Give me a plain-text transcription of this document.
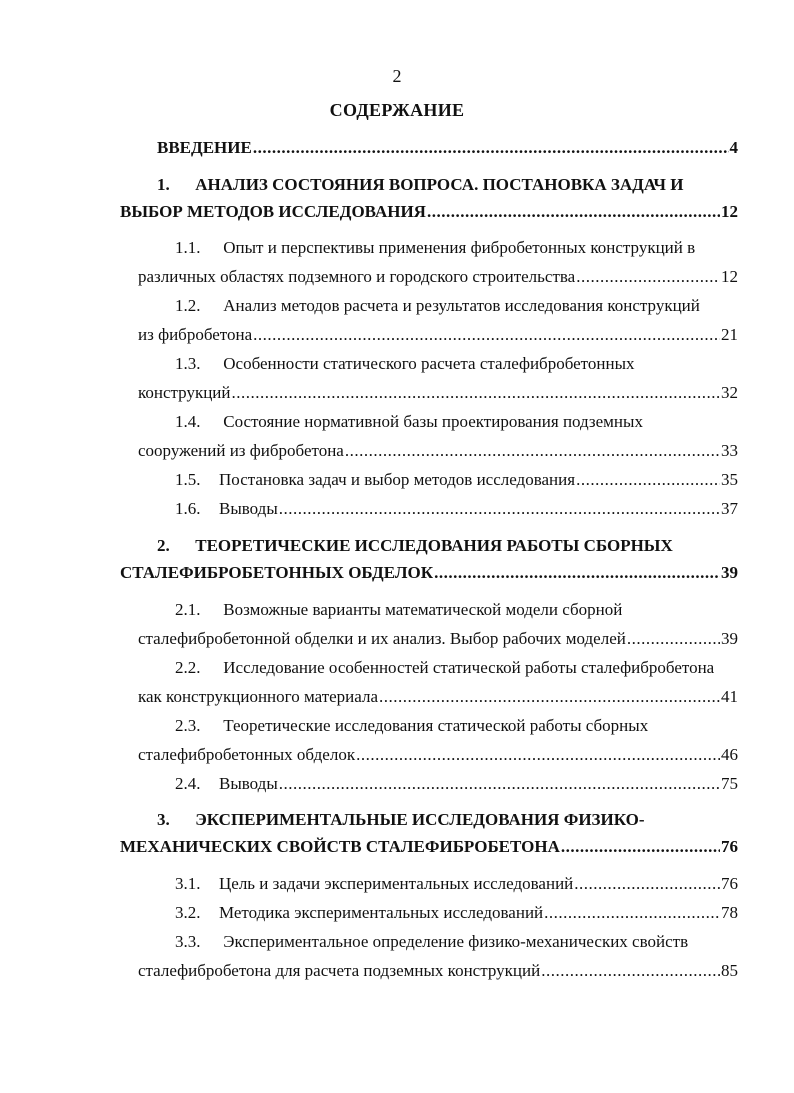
2
СОДЕРЖАНИЕ
ВВЕДЕНИЕ .....	4
1. АНАЛИЗ СОСТОЯНИЯ ВОПРОСА. ПОСТАНОВКА ЗАДАЧ И
ВЫБОР МЕТОДОВ ИССЛЕДОВАНИЯ .....	12
1.1. Опыт и перспективы применения фибробетонных конструкций в
различных областях подземного и городского строительства .....	12
1.2. Анализ методов расчета и результатов исследования конструкций
из фибробетона .....	21
1.3. Особенности статического расчета сталефибробетонных
конструкций .....	32
1.4. Состояние нормативной базы проектирования подземных
сооружений из фибробетона .....	33
1.5.	Постановка задач и выбор методов исследования .....	35
1.6.	Выводы .....	37
2. ТЕОРЕТИЧЕСКИЕ ИССЛЕДОВАНИЯ РАБОТЫ СБОРНЫХ
СТАЛЕФИБРОБЕТОННЫХ ОБДЕЛОК .....	39
2.1. Возможные варианты математической модели сборной
сталефибробетонной обделки и их анализ. Выбор рабочих моделей .....	39
2.2. Исследование особенностей статической работы сталефибробетона
как конструкционного материала .....	41
2.3. Теоретические исследования статической работы сборных
сталефибробетонных обделок .....	46
2.4.	Выводы .....	75
3. ЭКСПЕРИМЕНТАЛЬНЫЕ ИССЛЕДОВАНИЯ ФИЗИКО-
МЕХАНИЧЕСКИХ СВОЙСТВ СТАЛЕФИБРОБЕТОНА .....	76
3.1.	Цель и задачи экспериментальных исследований .....	76
3.2.	Методика экспериментальных исследований .....	78
3.3. Экспериментальное определение физико-механических свойств
сталефибробетона для расчета подземных конструкций .....	85
